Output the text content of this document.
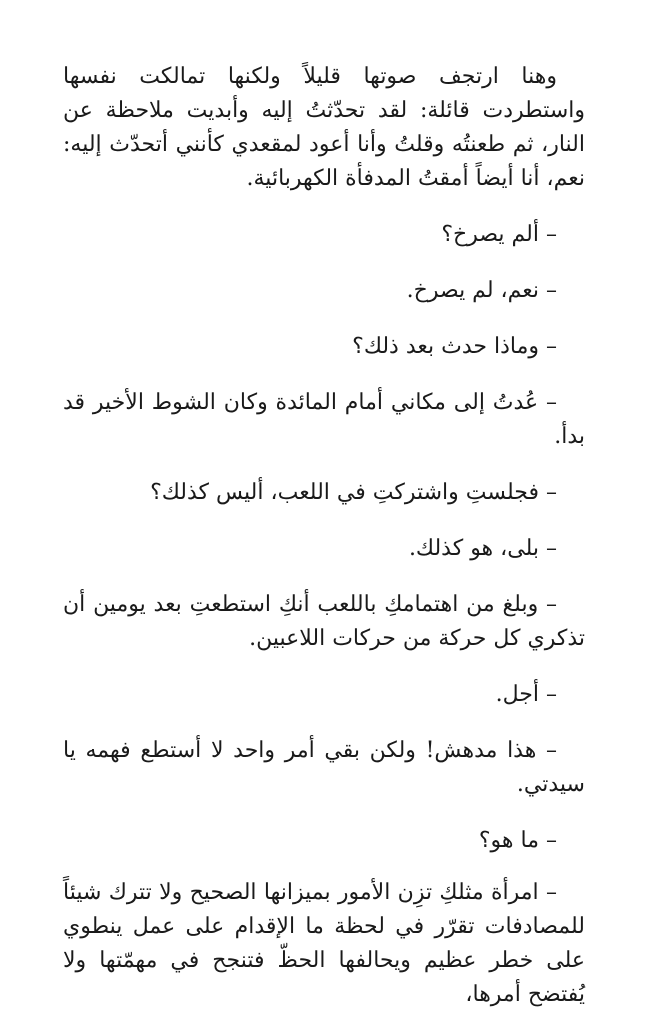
وهنا ارتجف صوتها قليلاً ولكنها تمالكت نفسها واستطردت قائلة: لقد تحدّثتُ إليه وأبديت ملاحظة عن النار، ثم طعنتُه وقلتُ وأنا أعود لمقعدي كأنني أتحدّث إليه: نعم، أنا أيضاً أمقتُ المدفأة الكهربائية.

– ألم يصرخ؟

– نعم، لم يصرخ.

– وماذا حدث بعد ذلك؟

– عُدتُ إلى مكاني أمام المائدة وكان الشوط الأخير قد بدأ.

– فجلستِ واشتركتِ في اللعب، أليس كذلك؟

– بلى، هو كذلك.

– وبلغ من اهتمامكِ باللعب أنكِ استطعتِ بعد يومين أن تذكري كل حركة من حركات اللاعبين.

– أجل.

– هذا مدهش! ولكن بقي أمر واحد لا أستطع فهمه يا سيدتي.

– ما هو؟

– امرأة مثلكِ تزِن الأمور بميزانها الصحيح ولا تترك شيئاً للمصادفات تقرّر في لحظة ما الإقدام على عمل ينطوي على خطر عظيم ويحالفها الحظّ فتنجح في مهمّتها ولا يُفتضح أمرها،
